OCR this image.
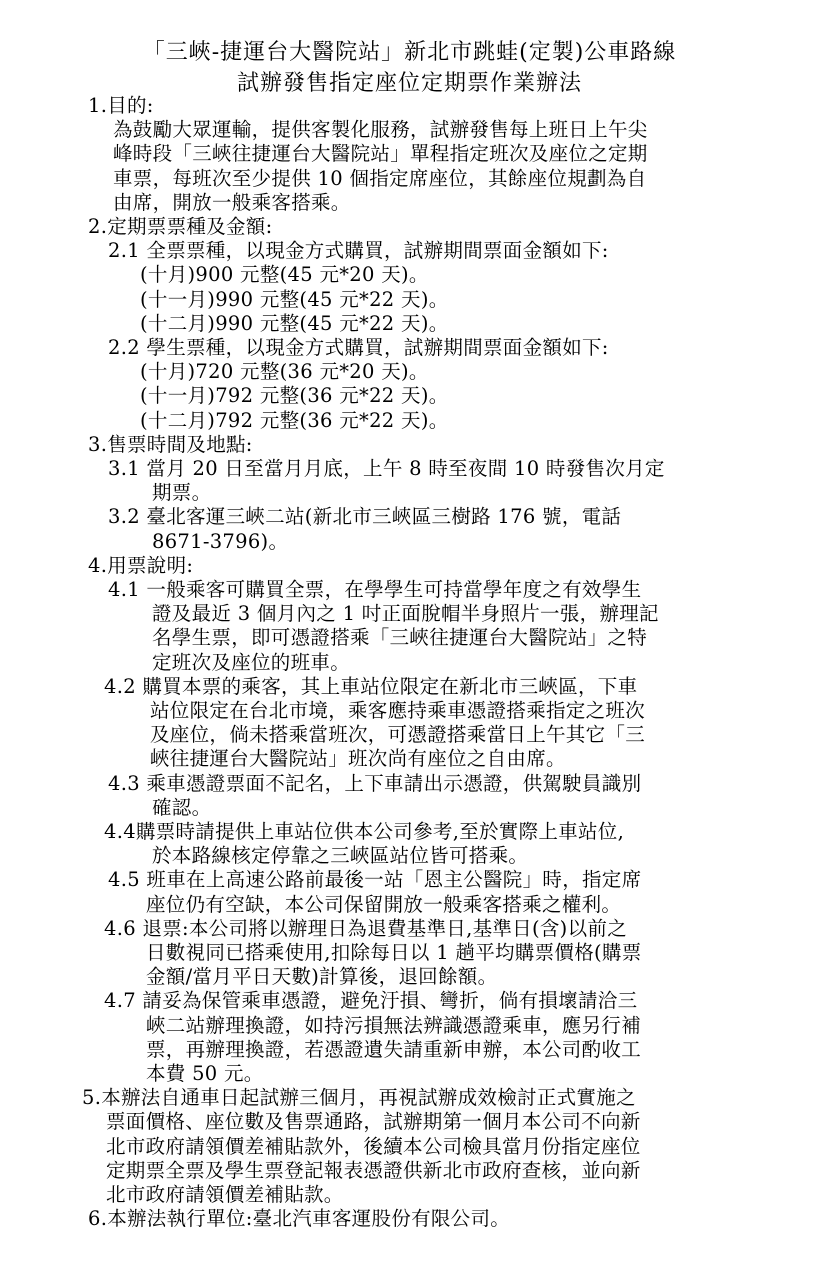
「三峽-捷運台大醫院站」新北市跳蛙(定製)公車路線
試辦發售指定座位定期票作業辦法
1.目的:
為鼓勵大眾運輸，提供客製化服務，試辦發售每上班日上午尖
峰時段「三峽往捷運台大醫院站」單程指定班次及座位之定期
車票，每班次至少提供 10 個指定席座位，其餘座位規劃為自
由席，開放一般乘客搭乘。
2.定期票票種及金額:
2.1 全票票種，以現金方式購買，試辦期間票面金額如下:
(十月)900 元整(45 元*20 天)。
(十一月)990 元整(45 元*22 天)。
(十二月)990 元整(45 元*22 天)。
2.2 學生票種，以現金方式購買，試辦期間票面金額如下:
(十月)720 元整(36 元*20 天)。
(十一月)792 元整(36 元*22 天)。
(十二月)792 元整(36 元*22 天)。
3.售票時間及地點:
3.1 當月 20 日至當月月底，上午 8 時至夜間 10 時發售次月定
期票。
3.2 臺北客運三峽二站(新北市三峽區三樹路 176 號，電話
8671-3796)。
4.用票說明:
4.1 一般乘客可購買全票，在學學生可持當學年度之有效學生
證及最近 3 個月內之 1 吋正面脫帽半身照片一張，辦理記
名學生票，即可憑證搭乘「三峽往捷運台大醫院站」之特
定班次及座位的班車。
4.2 購買本票的乘客，其上車站位限定在新北市三峽區，下車
站位限定在台北市境，乘客應持乘車憑證搭乘指定之班次
及座位，倘未搭乘當班次，可憑證搭乘當日上午其它「三
峽往捷運台大醫院站」班次尚有座位之自由席。
4.3 乘車憑證票面不記名，上下車請出示憑證，供駕駛員識別
確認。
4.4購票時請提供上車站位供本公司參考,至於實際上車站位,
於本路線核定停靠之三峽區站位皆可搭乘。
4.5 班車在上高速公路前最後一站「恩主公醫院」時，指定席
座位仍有空缺，本公司保留開放一般乘客搭乘之權利。
4.6 退票:本公司將以辦理日為退費基準日,基準日(含)以前之
日數視同已搭乘使用,扣除每日以 1 趟平均購票價格(購票
金額/當月平日天數)計算後，退回餘額。
4.7 請妥為保管乘車憑證，避免汙損、彎折，倘有損壞請洽三
峽二站辦理換證，如持污損無法辨識憑證乘車，應另行補
票，再辦理換證，若憑證遺失請重新申辦，本公司酌收工
本費 50 元。
5.本辦法自通車日起試辦三個月，再視試辦成效檢討正式實施之
票面價格、座位數及售票通路，試辦期第一個月本公司不向新
北市政府請領價差補貼款外，後續本公司檢具當月份指定座位
定期票全票及學生票登記報表憑證供新北市政府查核，並向新
北市政府請領價差補貼款。
6.本辦法執行單位:臺北汽車客運股份有限公司。
